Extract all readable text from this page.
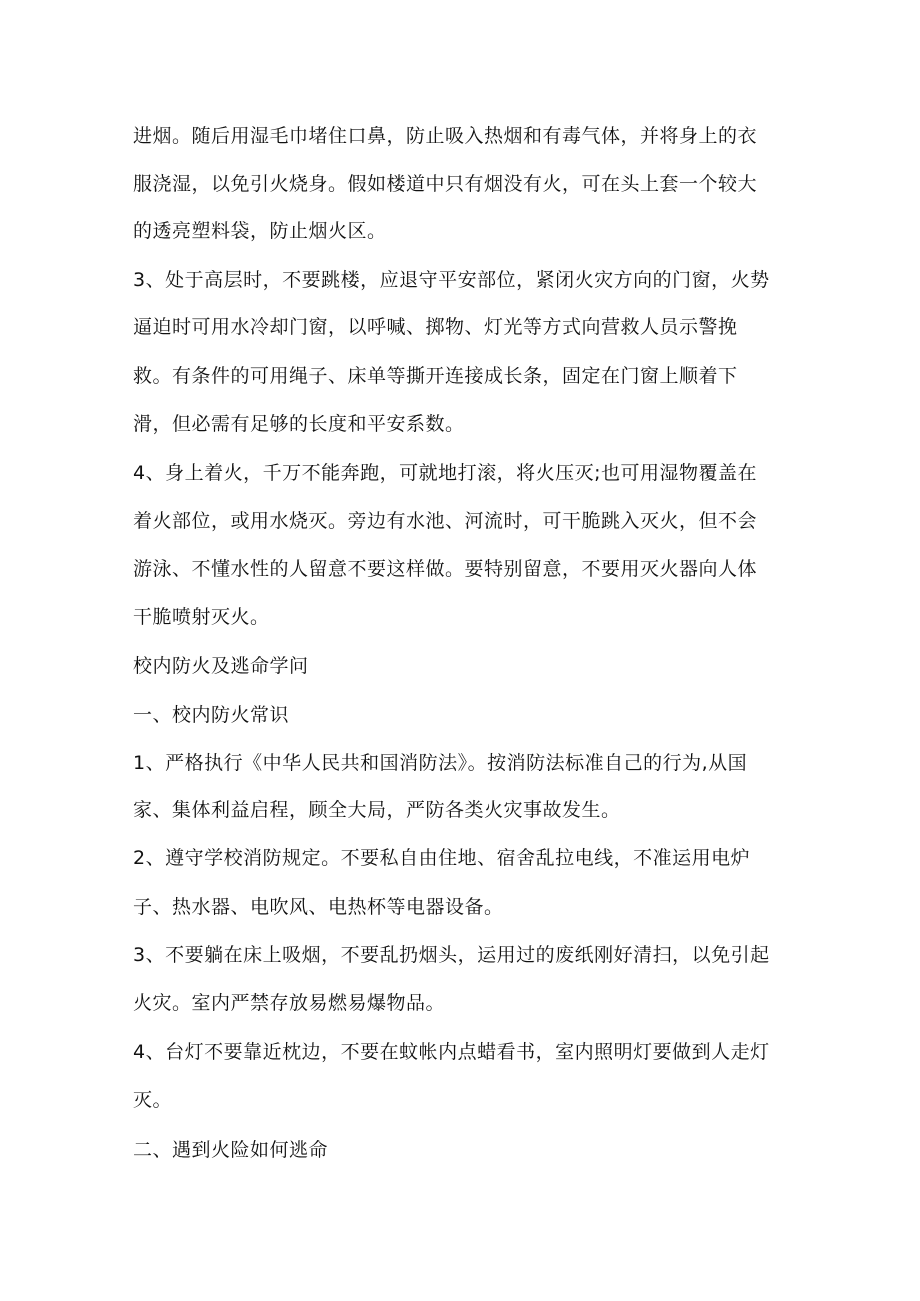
进烟。随后用湿毛巾堵住口鼻，防止吸入热烟和有毒气体，并将身上的衣
服浇湿，以免引火烧身。假如楼道中只有烟没有火，可在头上套一个较大
的透亮塑料袋，防止烟火区。
3、处于高层时，不要跳楼，应退守平安部位，紧闭火灾方向的门窗，火势
逼迫时可用水冷却门窗，以呼喊、掷物、灯光等方式向营救人员示警挽
救。有条件的可用绳子、床单等撕开连接成长条，固定在门窗上顺着下
滑，但必需有足够的长度和平安系数。
4、身上着火，千万不能奔跑，可就地打滚，将火压灭;也可用湿物覆盖在
着火部位，或用水烧灭。旁边有水池、河流时，可干脆跳入灭火，但不会
游泳、不懂水性的人留意不要这样做。要特别留意，不要用灭火器向人体
干脆喷射灭火。
校内防火及逃命学问
一、校内防火常识
1、严格执行《中华人民共和国消防法》。按消防法标准自己的行为,从国
家、集体利益启程，顾全大局，严防各类火灾事故发生。
2、遵守学校消防规定。不要私自由住地、宿舍乱拉电线，不准运用电炉
子、热水器、电吹风、电热杯等电器设备。
3、不要躺在床上吸烟，不要乱扔烟头，运用过的废纸刚好清扫，以免引起
火灾。室内严禁存放易燃易爆物品。
4、台灯不要靠近枕边，不要在蚊帐内点蜡看书，室内照明灯要做到人走灯
灭。
二、遇到火险如何逃命
